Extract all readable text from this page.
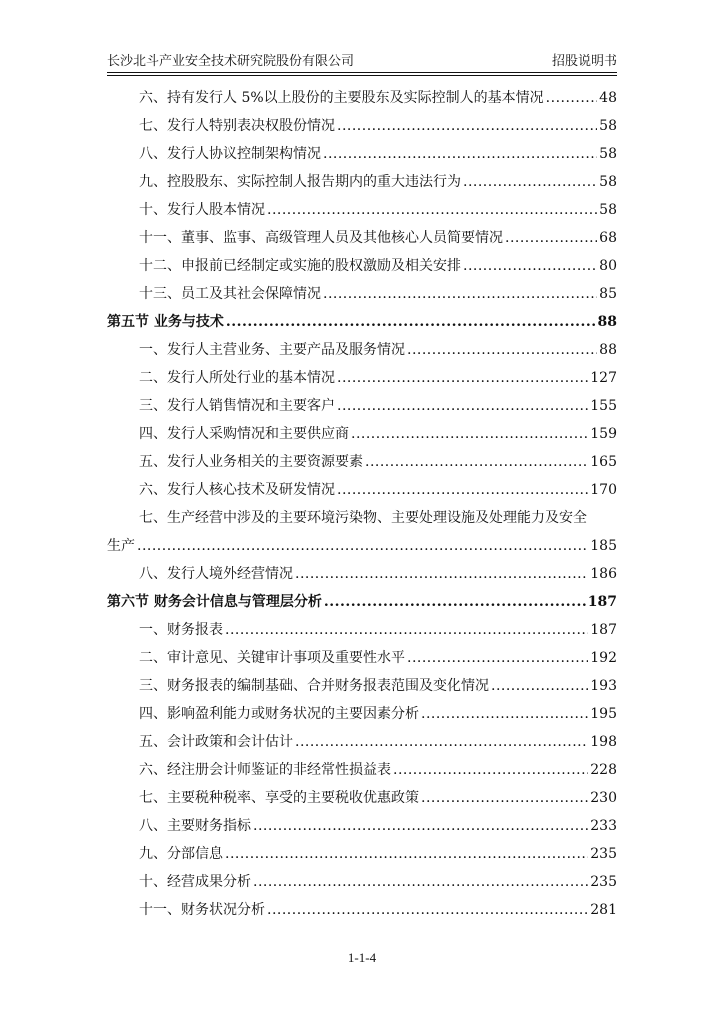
长沙北斗产业安全技术研究院股份有限公司	招股说明书
六、持有发行人 5%以上股份的主要股东及实际控制人的基本情况 .....	48
七、发行人特别表决权股份情况 .....	58
八、发行人协议控制架构情况 .....	58
九、控股股东、实际控制人报告期内的重大违法行为 .....	58
十、发行人股本情况 .....	58
十一、董事、监事、高级管理人员及其他核心人员简要情况 .....	68
十二、申报前已经制定或实施的股权激励及相关安排 .....	80
十三、员工及其社会保障情况 .....	85
第五节 业务与技术 .....	88
一、发行人主营业务、主要产品及服务情况 .....	88
二、发行人所处行业的基本情况 .....	127
三、发行人销售情况和主要客户 .....	155
四、发行人采购情况和主要供应商 .....	159
五、发行人业务相关的主要资源要素 .....	165
六、发行人核心技术及研发情况 .....	170
七、生产经营中涉及的主要环境污染物、主要处理设施及处理能力及安全
生产 .....	185
八、发行人境外经营情况 .....	186
第六节 财务会计信息与管理层分析 .....	187
一、财务报表 .....	187
二、审计意见、关键审计事项及重要性水平 .....	192
三、财务报表的编制基础、合并财务报表范围及变化情况 .....	193
四、影响盈利能力或财务状况的主要因素分析 .....	195
五、会计政策和会计估计 .....	198
六、经注册会计师鉴证的非经常性损益表 .....	228
七、主要税种税率、享受的主要税收优惠政策 .....	230
八、主要财务指标 .....	233
九、分部信息 .....	235
十、经营成果分析 .....	235
十一、财务状况分析 .....	281
1-1-4
